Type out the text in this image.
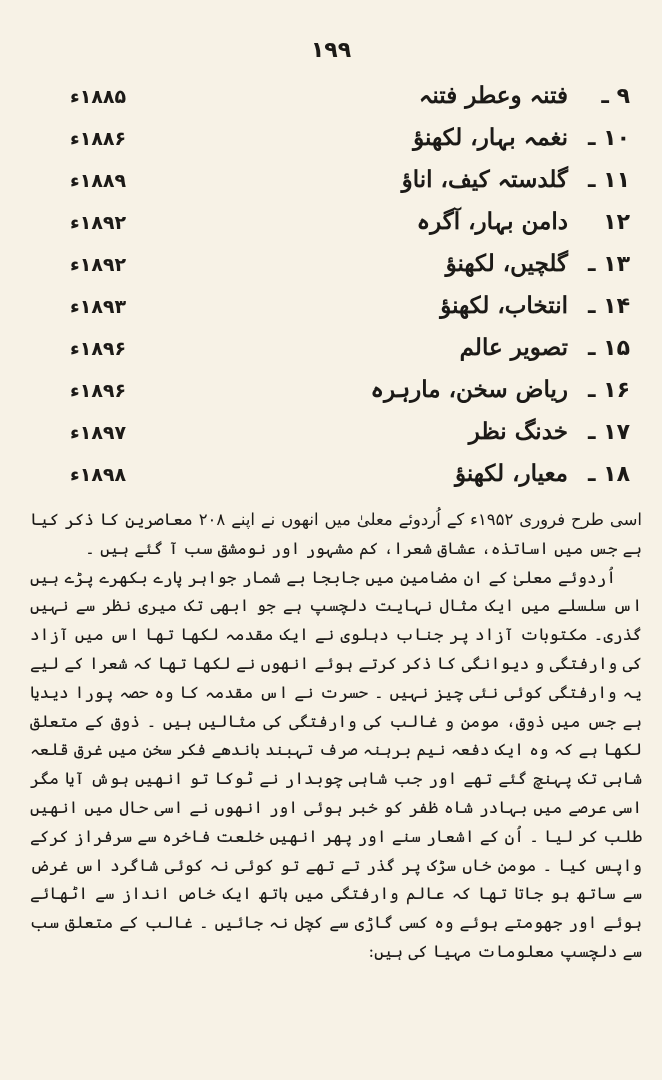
۱۹۹
۹ ـ
فتنہ وعطر فتنہ
۱۸۸۵ء
۱۰ ـ
نغمہ بہار، لکھنؤ
۱۸۸۶ء
۱۱ ـ
گلدستہ کیف، اناؤ
۱۸۸۹ء
۱۲
دامن بہار، آگرہ
۱۸۹۲ء
۱۳ ـ
گلچیں، لکھنؤ
۱۸۹۲ء
۱۴ ـ
انتخاب، لکھنؤ
۱۸۹۳ء
۱۵ ـ
تصویر عالم
۱۸۹۶ء
۱۶ ـ
ریاض سخن، مارہرہ
۱۸۹۶ء
۱۷ ـ
خدنگ نظر
۱۸۹۷ء
۱۸ ـ
معیار، لکھنؤ
۱۸۹۸ء

اسی طرح فروری ۱۹۵۲ء کے اُردوئے معلیٰ میں انھوں نے اپنے ۲۰۸ معاصرین کا ذکر کیا ہے جس میں اساتذہ، عشاق شعرا، کم مشہور اور نومشق سب آ گئے ہیں ۔

اُردوئے معلیٰ کے ان مضامین میں جابجا بے شمار جواہر پارے بکھرے پڑے ہیں اس سلسلے میں ایک مثال نہایت دلچسپ ہے جو ابھی تک میری نظر سے نہیں گذری۔ مکتوبات آزاد پر جناب دہلوی نے ایک مقدمہ لکھا تھا اس میں آزاد کی وارفتگی و دیوانگی کا ذکر کرتے ہوئے انھوں نے لکھا تھا کہ شعرا کے لیے یہ وارفتگی کوئی نئی چیز نہیں ۔ حسرت نے اس مقدمہ کا وہ حصہ پورا دیدیا ہے جس میں ذوق، مومن و غالب کی وارفتگی کی مثالیں ہیں ۔ ذوق کے متعلق لکھا ہے کہ وہ ایک دفعہ نیم برہنہ صرف تہبند باندھے فکر سخن میں غرق قلعہ شاہی تک پہنچ گئے تھے اور جب شاہی چوبدار نے ٹوکا تو انھیں ہوش آیا مگر اسی عرصے میں بہادر شاہ ظفر کو خبر ہوئی اور انھوں نے اسی حال میں انھیں طلب کر لیا ۔ اُن کے اشعار سنے اور پھر انھیں خلعت فاخرہ سے سرفراز کرکے واپس کیا ۔ مومن خاں سڑک پر گذر تے تھے تو کوئی نہ کوئی شاگرد اس غرض سے ساتھ ہو جاتا تھا کہ عالم وارفتگی میں ہاتھ ایک خاص انداز سے اٹھائے ہوئے اور جھومتے ہوئے وہ کسی گاڑی سے کچل نہ جائیں ۔ غالب کے متعلق سب سے دلچسپ معلومات مہیا کی ہیں:
